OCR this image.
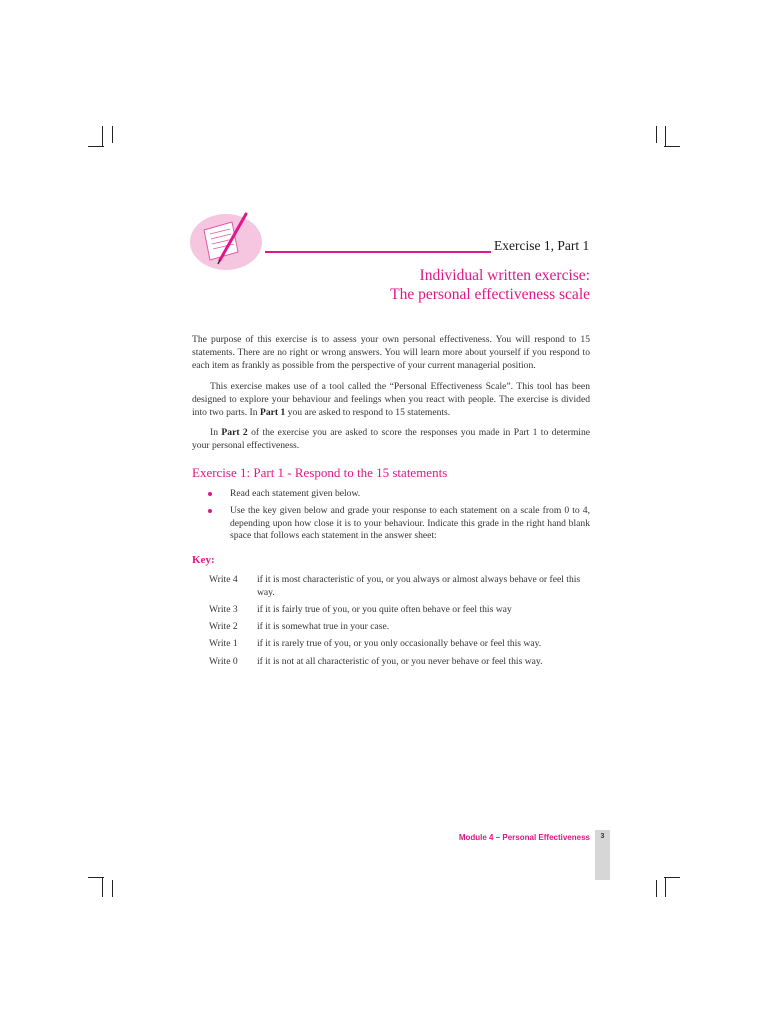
Exercise 1, Part 1
Individual written exercise:
The personal effectiveness scale
The purpose of this exercise is to assess your own personal effectiveness. You will respond to 15 statements. There are no right or wrong answers. You will learn more about yourself if you respond to each item as frankly as possible from the perspective of your current managerial position.
This exercise makes use of a tool called the “Personal Effectiveness Scale”. This tool has been designed to explore your behaviour and feelings when you react with people. The exercise is divided into two parts. In Part 1 you are asked to respond to 15 statements.
In Part 2 of the exercise you are asked to score the responses you made in Part 1 to determine your personal effectiveness.
Exercise 1: Part 1 - Respond to the 15 statements
Read each statement given below.
Use the key given below and grade your response to each statement on a scale from 0 to 4, depending upon how close it is to your behaviour. Indicate this grade in the right hand blank space that follows each statement in the answer sheet:
Key:
Write 4	if it is most characteristic of you, or you always or almost always behave or feel this way.
Write 3	if it is fairly true of you, or you quite often behave or feel this way
Write 2	if it is somewhat true in your case.
Write 1	if it is rarely true of you, or you only occasionally behave or feel this way.
Write 0	if it is not at all characteristic of you, or you never behave or feel this way.
Module 4 – Personal Effectiveness	3
